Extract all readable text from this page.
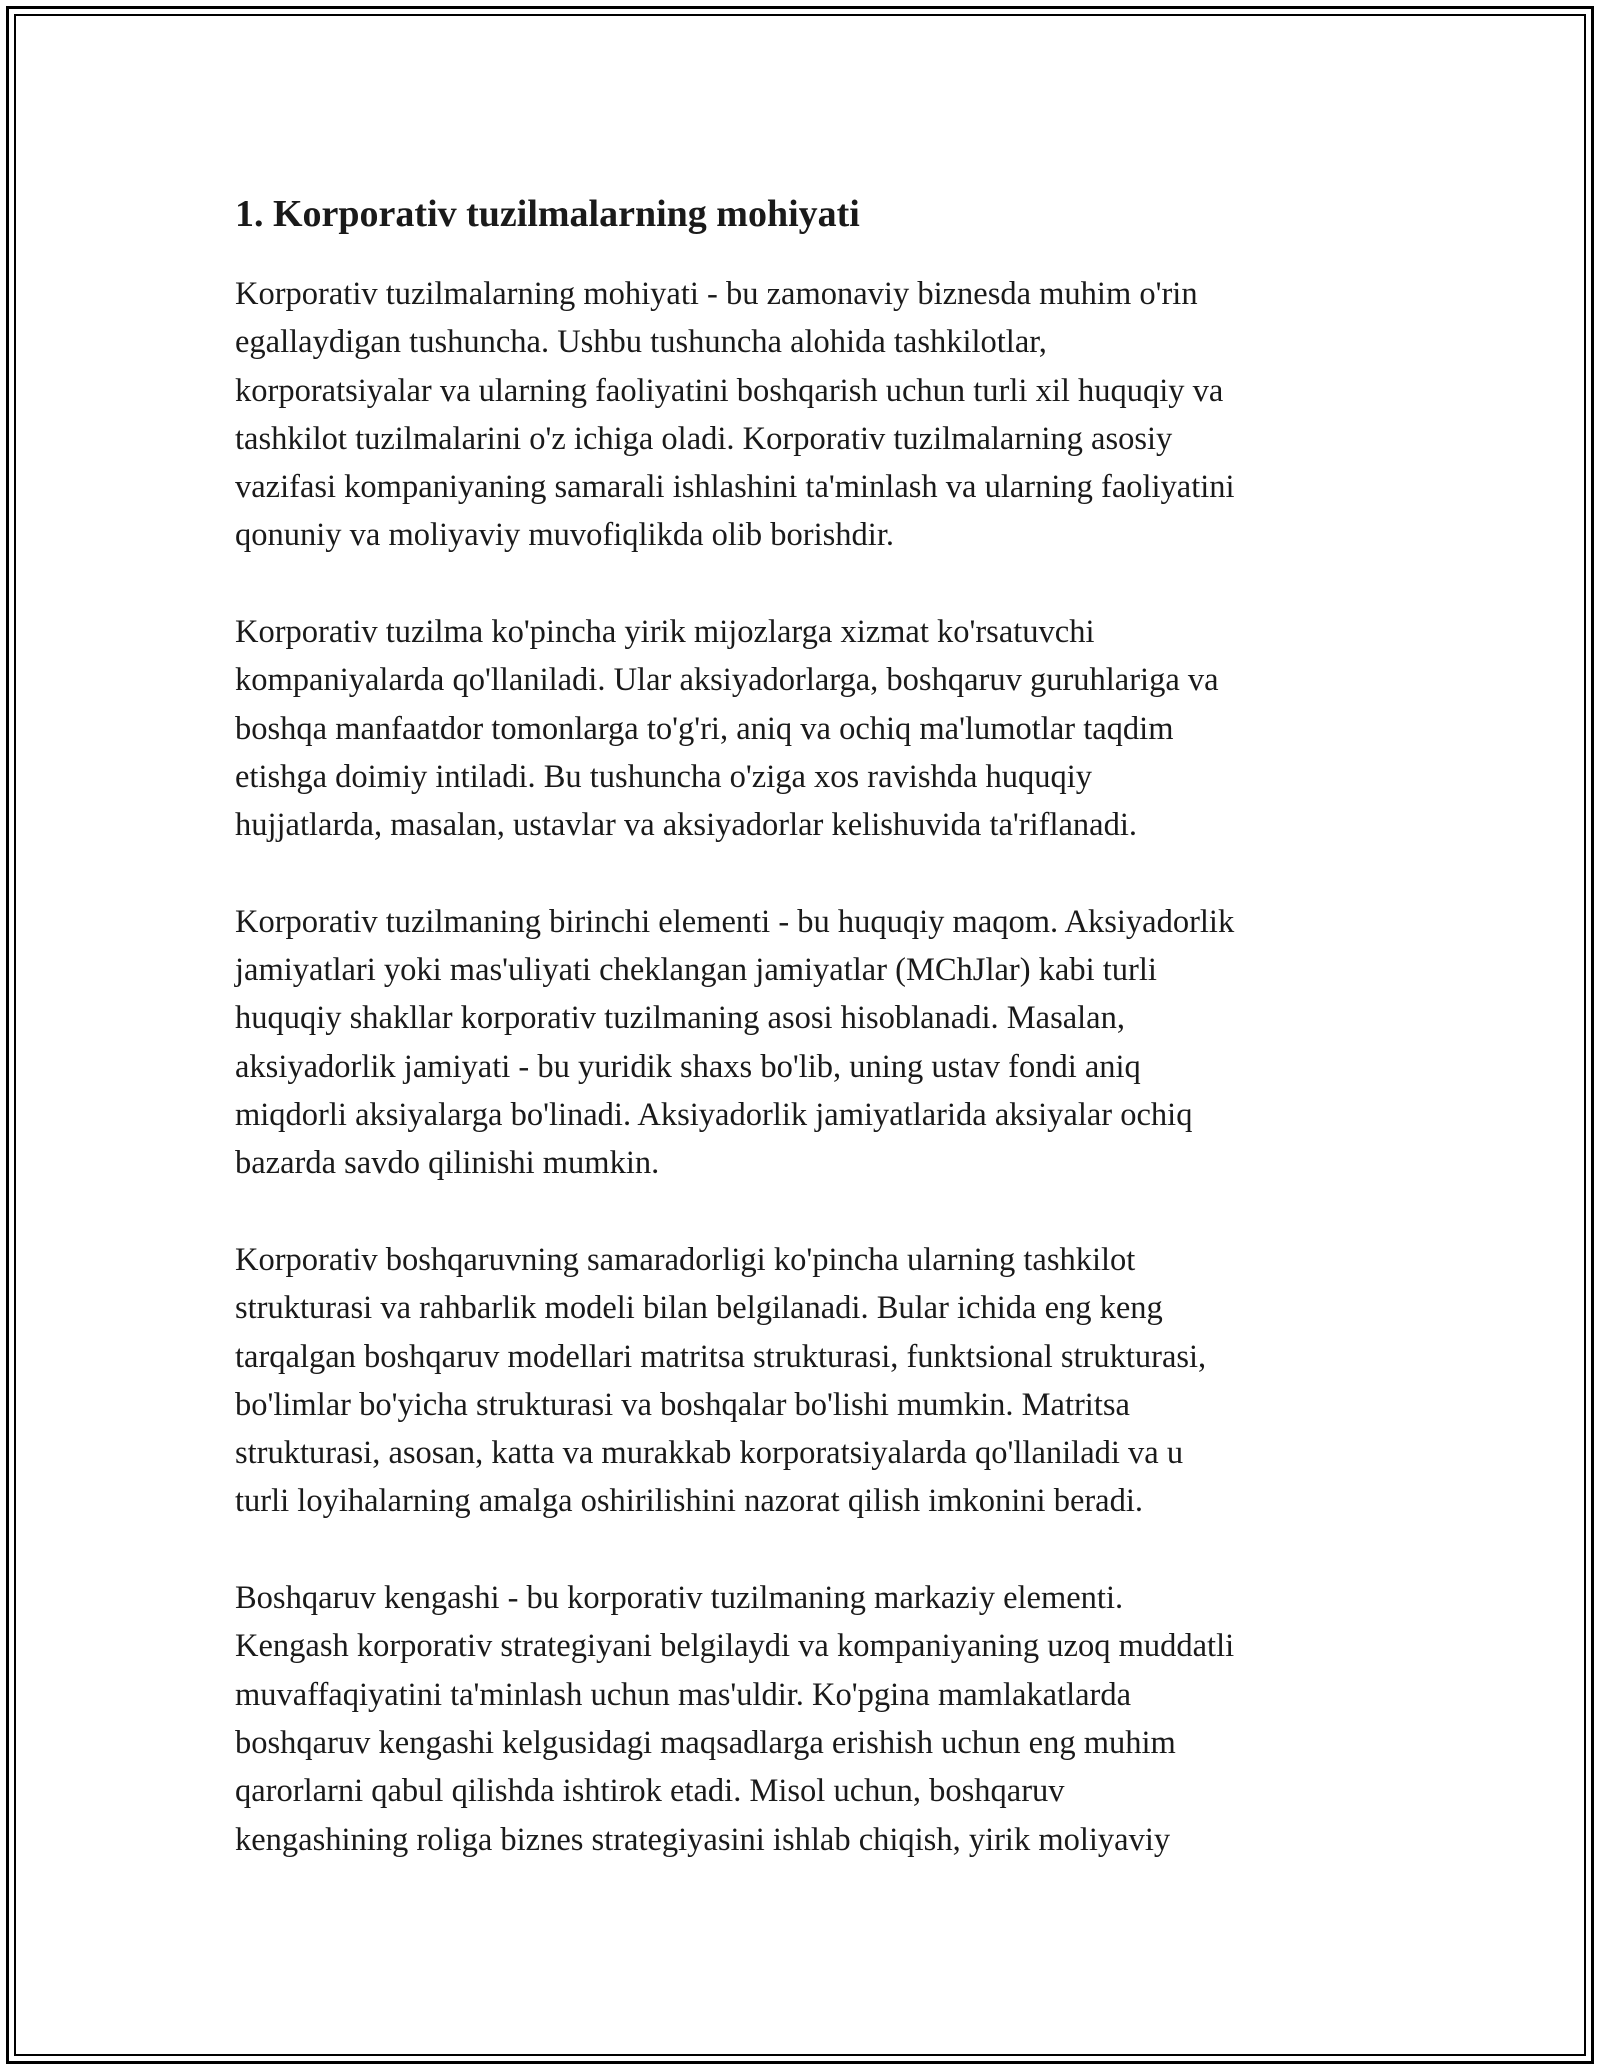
1. Korporativ tuzilmalarning mohiyati

Korporativ tuzilmalarning mohiyati - bu zamonaviy biznesda muhim o'rin
egallaydigan tushuncha. Ushbu tushuncha alohida tashkilotlar,
korporatsiyalar va ularning faoliyatini boshqarish uchun turli xil huquqiy va
tashkilot tuzilmalarini o'z ichiga oladi. Korporativ tuzilmalarning asosiy
vazifasi kompaniyaning samarali ishlashini ta'minlash va ularning faoliyatini
qonuniy va moliyaviy muvofiqlikda olib borishdir.

Korporativ tuzilma ko'pincha yirik mijozlarga xizmat ko'rsatuvchi
kompaniyalarda qo'llaniladi. Ular aksiyadorlarga, boshqaruv guruhlariga va
boshqa manfaatdor tomonlarga to'g'ri, aniq va ochiq ma'lumotlar taqdim
etishga doimiy intiladi. Bu tushuncha o'ziga xos ravishda huquqiy
hujjatlarda, masalan, ustavlar va aksiyadorlar kelishuvida ta'riflanadi.

Korporativ tuzilmaning birinchi elementi - bu huquqiy maqom. Aksiyadorlik
jamiyatlari yoki mas'uliyati cheklangan jamiyatlar (MChJlar) kabi turli
huquqiy shakllar korporativ tuzilmaning asosi hisoblanadi. Masalan,
aksiyadorlik jamiyati - bu yuridik shaxs bo'lib, uning ustav fondi aniq
miqdorli aksiyalarga bo'linadi. Aksiyadorlik jamiyatlarida aksiyalar ochiq
bazarda savdo qilinishi mumkin.

Korporativ boshqaruvning samaradorligi ko'pincha ularning tashkilot
strukturasi va rahbarlik modeli bilan belgilanadi. Bular ichida eng keng
tarqalgan boshqaruv modellari matritsa strukturasi, funktsional strukturasi,
bo'limlar bo'yicha strukturasi va boshqalar bo'lishi mumkin. Matritsa
strukturasi, asosan, katta va murakkab korporatsiyalarda qo'llaniladi va u
turli loyihalarning amalga oshirilishini nazorat qilish imkonini beradi.

Boshqaruv kengashi - bu korporativ tuzilmaning markaziy elementi.
Kengash korporativ strategiyani belgilaydi va kompaniyaning uzoq muddatli
muvaffaqiyatini ta'minlash uchun mas'uldir. Ko'pgina mamlakatlarda
boshqaruv kengashi kelgusidagi maqsadlarga erishish uchun eng muhim
qarorlarni qabul qilishda ishtirok etadi. Misol uchun, boshqaruv
kengashining roliga biznes strategiyasini ishlab chiqish, yirik moliyaviy
